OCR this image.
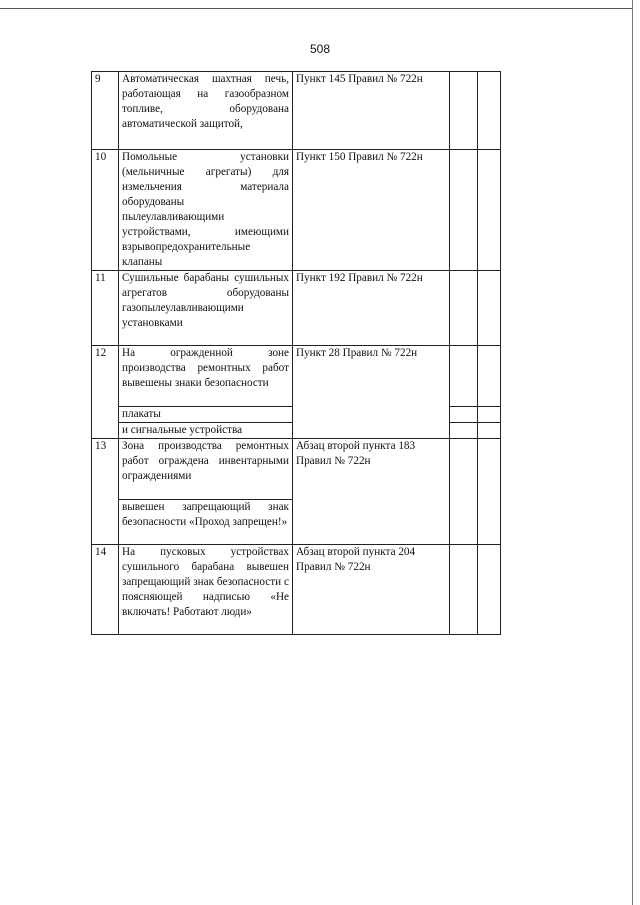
508
9	Автоматическая шахтная печь, работающая на газообразном топливе, оборудована автоматической защитой,	Пункт 145 Правил № 722н		
10	Помольные установки (мельничные агрегаты) для измельчения материала оборудованы пылеулавливающими устройствами, имеющими взрывопредохранительные клапаны	Пункт 150 Правил № 722н		
11	Сушильные барабаны сушильных агрегатов оборудованы газопылеулавливающими установками	Пункт 192 Правил № 722н		
12	На огражденной зоне производства ремонтных работ вывешены знаки безопасности	Пункт 28 Правил № 722н		
	плакаты			
	и сигнальные устройства			
13	Зона производства ремонтных работ ограждена инвентарными ограждениями	Абзац второй пункта 183 Правил № 722н		
	вывешен запрещающий знак безопасности «Проход запрещен!»			
14	На пусковых устройствах сушильного барабана вывешен запрещающий знак безопасности с поясняющей надписью «Не включать! Работают люди»	Абзац второй пункта 204 Правил № 722н		
